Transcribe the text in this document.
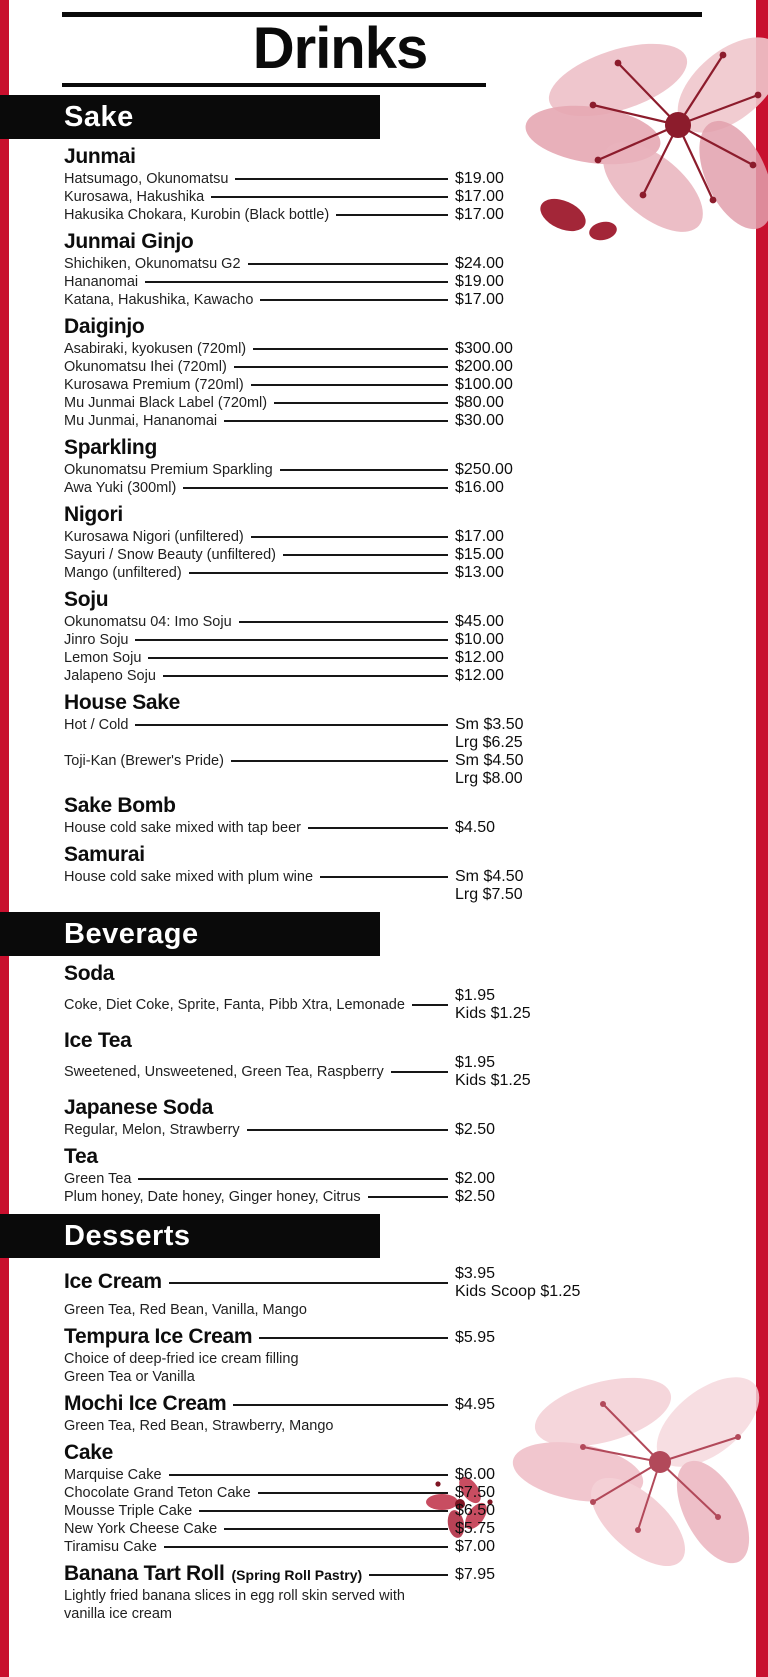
Drinks
Sake
Junmai
Hatsumago, Okunomatsu	$19.00
Kurosawa, Hakushika	$17.00
Hakusika Chokara, Kurobin (Black bottle)	$17.00
Junmai Ginjo
Shichiken, Okunomatsu G2	$24.00
Hananomai	$19.00
Katana, Hakushika, Kawacho	$17.00
Daiginjo
Asabiraki, kyokusen (720ml)	$300.00
Okunomatsu Ihei (720ml)	$200.00
Kurosawa Premium (720ml)	$100.00
Mu Junmai Black Label (720ml)	$80.00
Mu Junmai, Hananomai	$30.00
Sparkling
Okunomatsu Premium Sparkling	$250.00
Awa Yuki (300ml)	$16.00
Nigori
Kurosawa Nigori (unfiltered)	$17.00
Sayuri / Snow Beauty (unfiltered)	$15.00
Mango (unfiltered)	$13.00
Soju
Okunomatsu 04: Imo Soju	$45.00
Jinro Soju	$10.00
Lemon Soju	$12.00
Jalapeno Soju	$12.00
House Sake
Hot / Cold	Sm $3.50
Lrg $6.25
Toji-Kan (Brewer's Pride)	Sm $4.50
Lrg $8.00
Sake Bomb
House cold sake mixed with tap beer	$4.50
Samurai
House cold sake mixed with plum wine	Sm $4.50
Lrg $7.50
Beverage
Soda
Coke, Diet Coke, Sprite, Fanta, Pibb Xtra, Lemonade
$1.95
Kids $1.25
Ice Tea
Sweetened, Unsweetened, Green Tea, Raspberry
$1.95
Kids $1.25
Japanese Soda
Regular, Melon, Strawberry	$2.50
Tea
Green Tea	$2.00
Plum honey, Date honey, Ginger honey, Citrus	$2.50
Desserts
Ice Cream	$3.95
Kids Scoop $1.25
Green Tea, Red Bean, Vanilla, Mango
Tempura Ice Cream	$5.95
Choice of deep-fried ice cream filling
Green Tea or Vanilla
Mochi Ice Cream	$4.95
Green Tea, Red Bean, Strawberry, Mango
Cake
Marquise Cake	$6.00
Chocolate Grand Teton Cake	$7.50
Mousse Triple Cake	$6.50
New York Cheese Cake	$5.75
Tiramisu Cake	$7.00
Banana Tart Roll (Spring Roll Pastry)	$7.95
Lightly fried banana slices in egg roll skin served with
vanilla ice cream
